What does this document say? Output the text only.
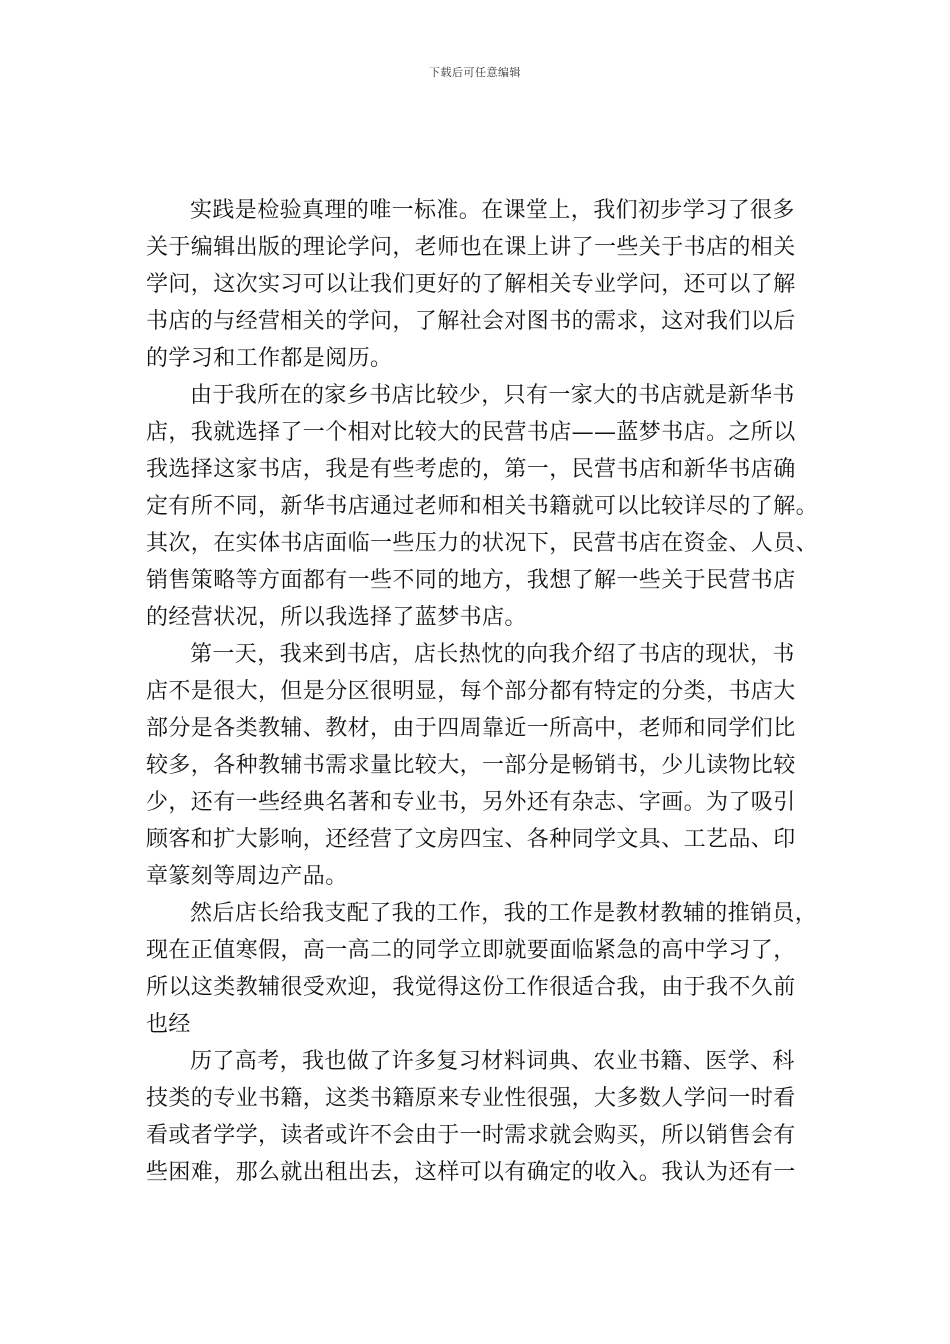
下载后可任意编辑
实践是检验真理的唯一标准。在课堂上，我们初步学习了很多
关于编辑出版的理论学问，老师也在课上讲了一些关于书店的相关
学问，这次实习可以让我们更好的了解相关专业学问，还可以了解
书店的与经营相关的学问，了解社会对图书的需求，这对我们以后
的学习和工作都是阅历。
由于我所在的家乡书店比较少，只有一家大的书店就是新华书
店，我就选择了一个相对比较大的民营书店——蓝梦书店。之所以
我选择这家书店，我是有些考虑的，第一，民营书店和新华书店确
定有所不同，新华书店通过老师和相关书籍就可以比较详尽的了解。
其次，在实体书店面临一些压力的状况下，民营书店在资金、人员、
销售策略等方面都有一些不同的地方，我想了解一些关于民营书店
的经营状况，所以我选择了蓝梦书店。
第一天，我来到书店，店长热忱的向我介绍了书店的现状，书
店不是很大，但是分区很明显，每个部分都有特定的分类，书店大
部分是各类教辅、教材，由于四周靠近一所高中，老师和同学们比
较多，各种教辅书需求量比较大，一部分是畅销书，少儿读物比较
少，还有一些经典名著和专业书，另外还有杂志、字画。为了吸引
顾客和扩大影响，还经营了文房四宝、各种同学文具、工艺品、印
章篆刻等周边产品。
然后店长给我支配了我的工作，我的工作是教材教辅的推销员，
现在正值寒假，高一高二的同学立即就要面临紧急的高中学习了，
所以这类教辅很受欢迎，我觉得这份工作很适合我，由于我不久前
也经
历了高考，我也做了许多复习材料词典、农业书籍、医学、科
技类的专业书籍，这类书籍原来专业性很强，大多数人学问一时看
看或者学学，读者或许不会由于一时需求就会购买，所以销售会有
些困难，那么就出租出去，这样可以有确定的收入。我认为还有一
